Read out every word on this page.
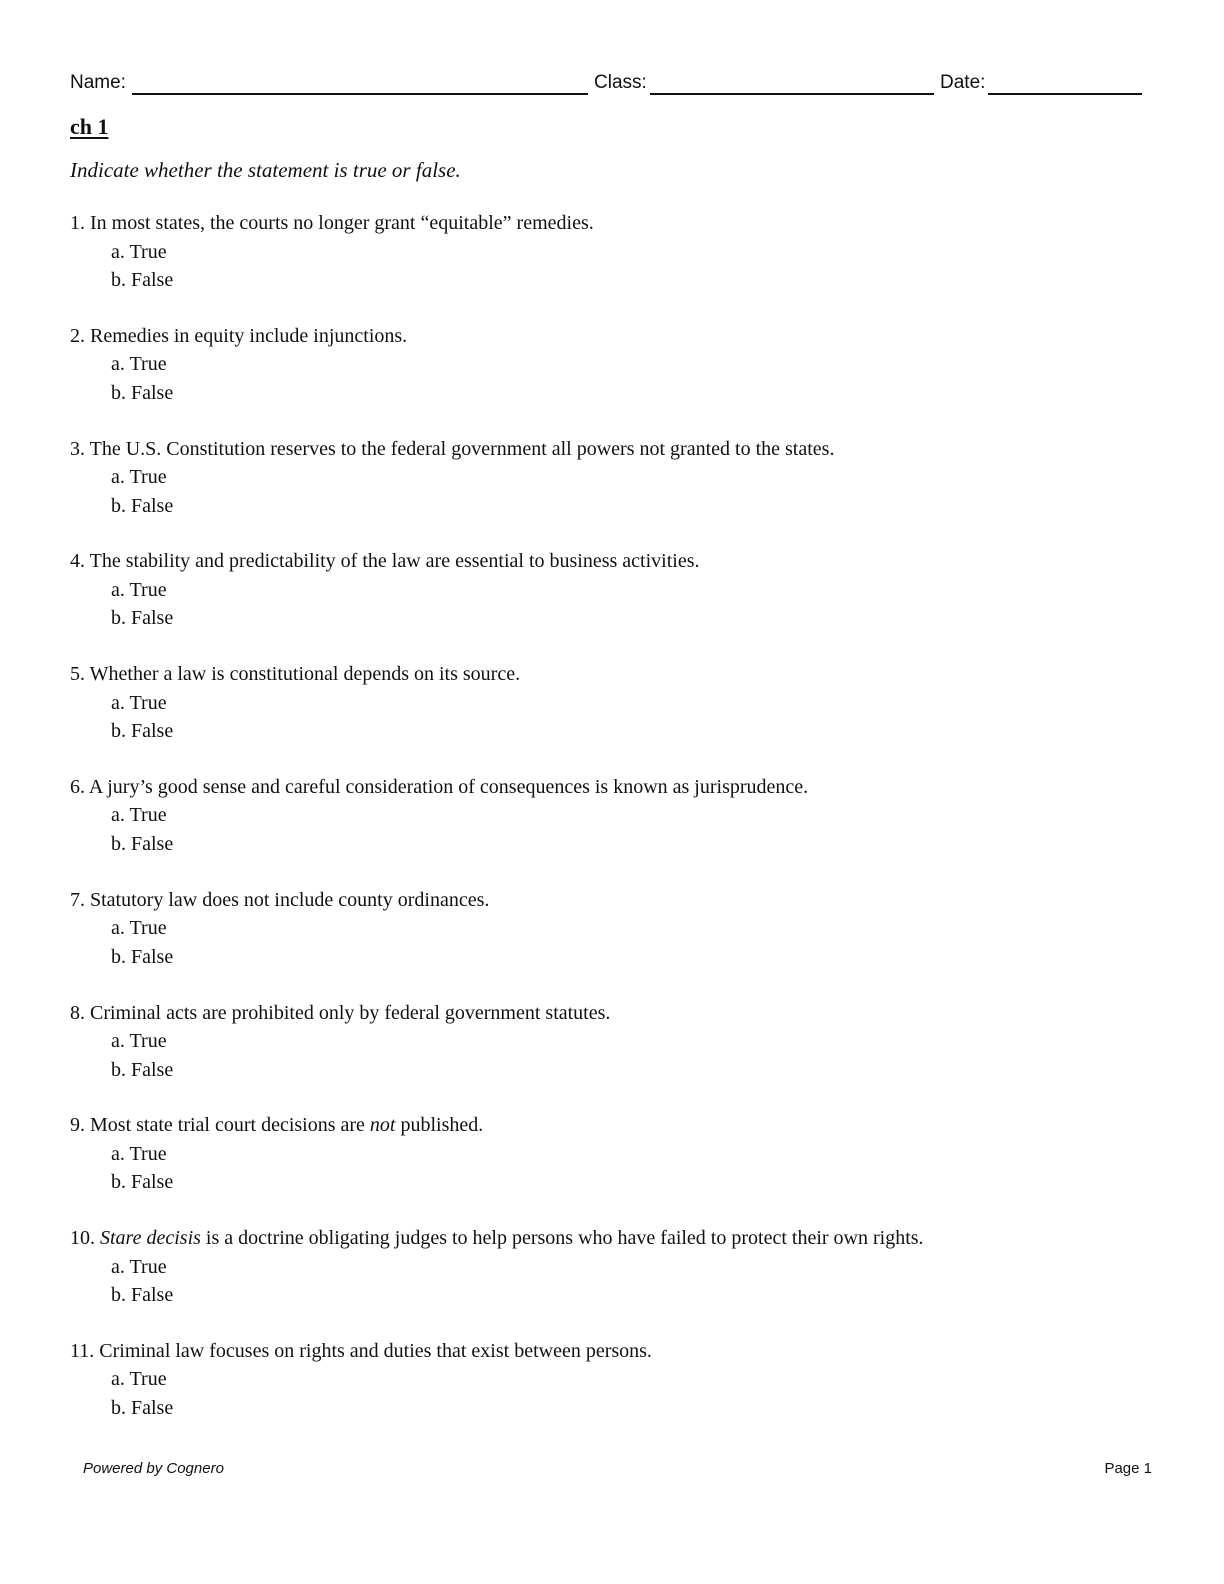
Name:	Class:	Date:
ch 1
Indicate whether the statement is true or false.
1. In most states, the courts no longer grant “equitable” remedies.
a. True
b. False
2. Remedies in equity include injunctions.
a. True
b. False
3. The U.S. Constitution reserves to the federal government all powers not granted to the states.
a. True
b. False
4. The stability and predictability of the law are essential to business activities.
a. True
b. False
5. Whether a law is constitutional depends on its source.
a. True
b. False
6. A jury’s good sense and careful consideration of consequences is known as jurisprudence.
a. True
b. False
7. Statutory law does not include county ordinances.
a. True
b. False
8. Criminal acts are prohibited only by federal government statutes.
a. True
b. False
9. Most state trial court decisions are not published.
a. True
b. False
10. Stare decisis is a doctrine obligating judges to help persons who have failed to protect their own rights.
a. True
b. False
11. Criminal law focuses on rights and duties that exist between persons.
a. True
b. False
Powered by Cognero	Page 1
